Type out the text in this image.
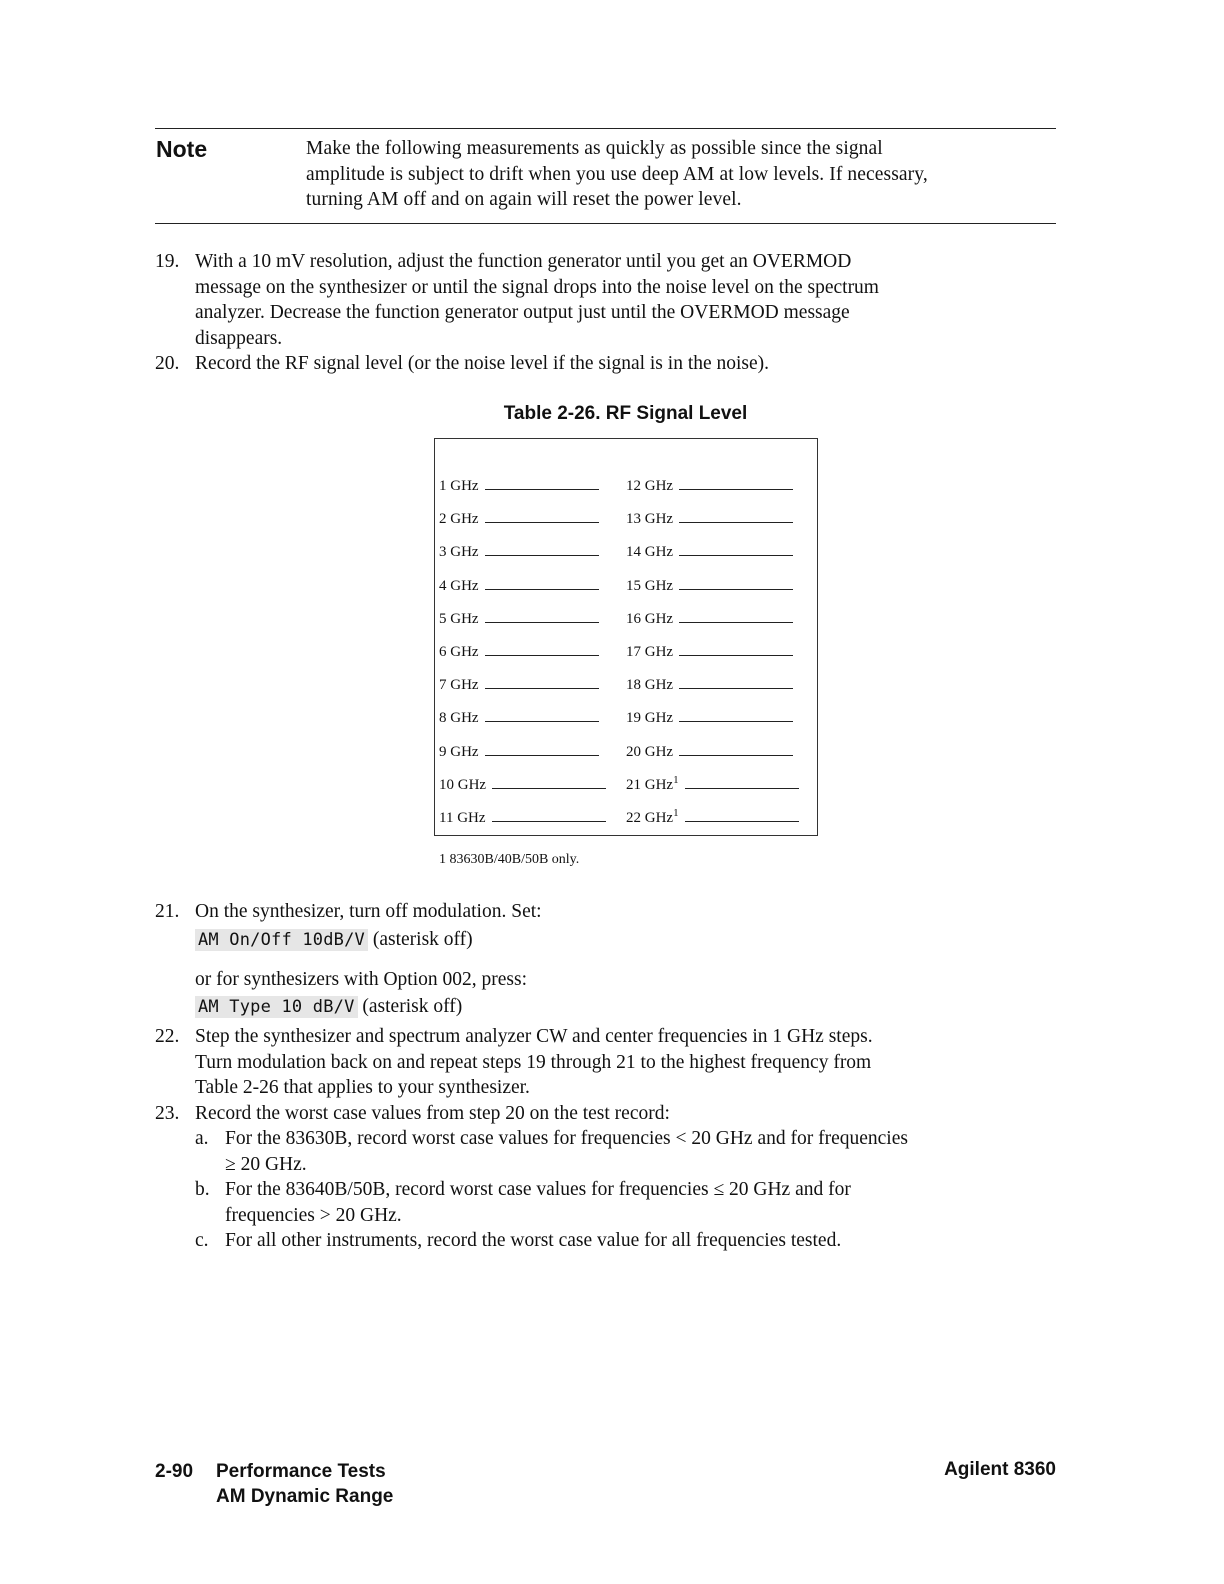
Note	Make the following measurements as quickly as possible since the signal
amplitude is subject to drift when you use deep AM at low levels. If necessary,
turning AM off and on again will reset the power level.
19. With a 10 mV resolution, adjust the function generator until you get an OVERMOD
message on the synthesizer or until the signal drops into the noise level on the spectrum
analyzer. Decrease the function generator output just until the OVERMOD message
disappears.
20. Record the RF signal level (or the noise level if the signal is in the noise).
Table 2-26. RF Signal Level
1 GHz	12 GHz
2 GHz	13 GHz
3 GHz	14 GHz
4 GHz	15 GHz
5 GHz	16 GHz
6 GHz	17 GHz
7 GHz	18 GHz
8 GHz	19 GHz
9 GHz	20 GHz
10 GHz	21 GHz$^1$
11 GHz	22 GHz$^1$
1 83630B/40B/50B only.
21. On the synthesizer, turn off modulation. Set:
AM On/Off 10dB/V (asterisk off)
or for synthesizers with Option 002, press:
AM Type 10 dB/V (asterisk off)
22. Step the synthesizer and spectrum analyzer CW and center frequencies in 1 GHz steps.
Turn modulation back on and repeat steps 19 through 21 to the highest frequency from
Table 2-26 that applies to your synthesizer.
23. Record the worst case values from step 20 on the test record:
a. For the 83630B, record worst case values for frequencies < 20 GHz and for frequencies
≥ 20 GHz.
b. For the 83640B/50B, record worst case values for frequencies ≤ 20 GHz and for
frequencies > 20 GHz.
c. For all other instruments, record the worst case value for all frequencies tested.
2-90 Performance Tests
AM Dynamic Range
Agilent 8360
